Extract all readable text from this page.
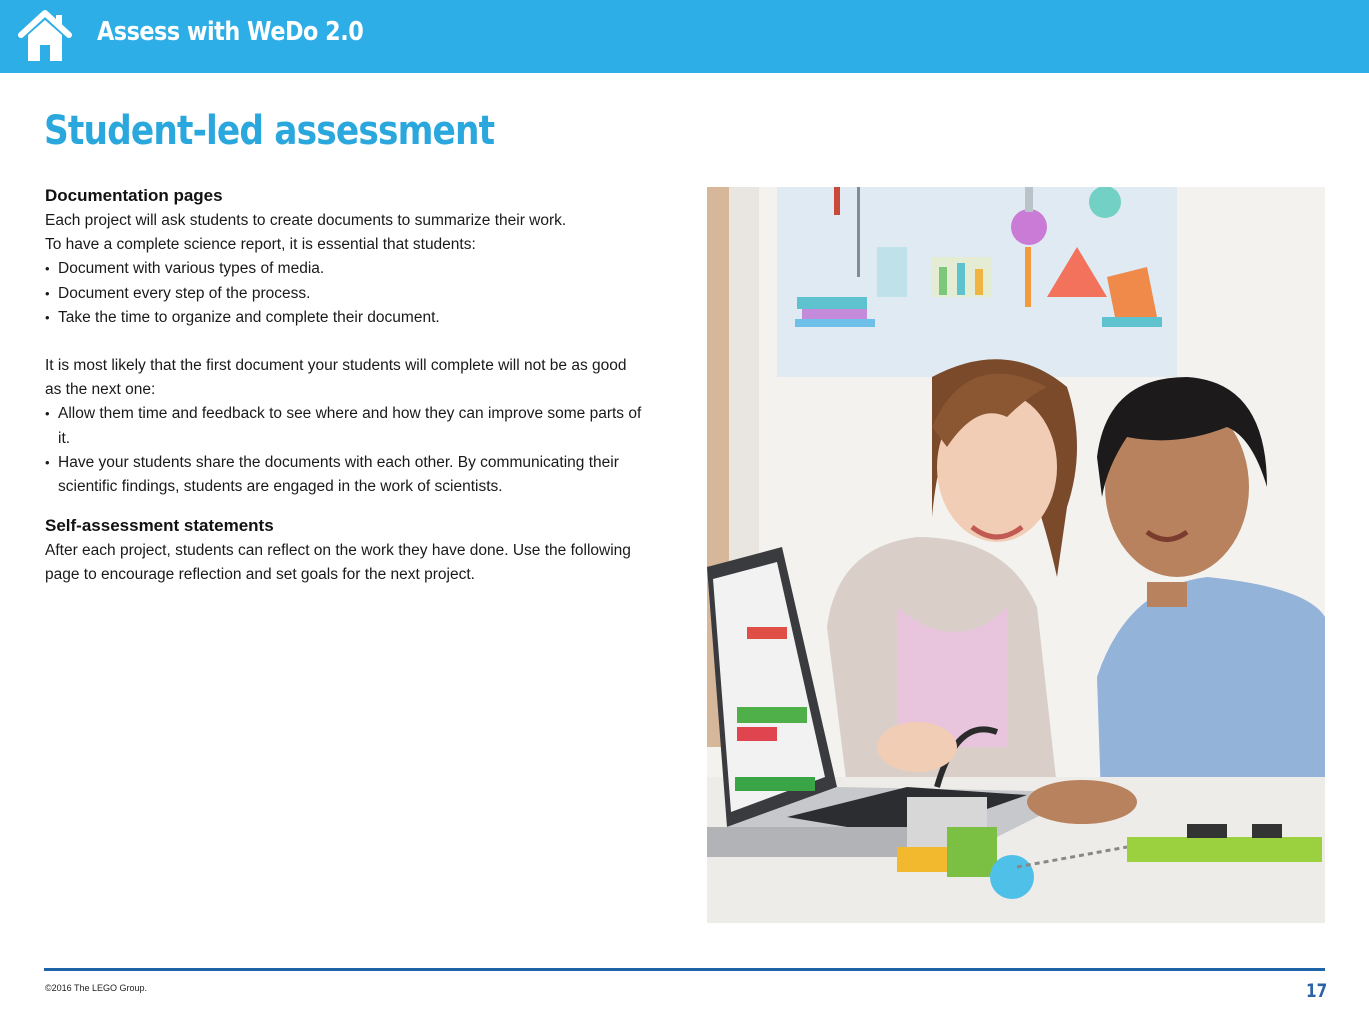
Assess with WeDo 2.0
Student-led assessment
Documentation pages

Each project will ask students to create documents to summarize their work.

To have a complete science report, it is essential that students:

• Document with various types of media.
• Document every step of the process.
• Take the time to organize and complete their document.

It is most likely that the first document your students will complete will not be as good as the next one:

• Allow them time and feedback to see where and how they can improve some parts of it.
• Have your students share the documents with each other. By communicating their scientific findings, students are engaged in the work of scientists.
Self-assessment statements

After each project, students can reflect on the work they have done. Use the following page to encourage reflection and set goals for the next project.

©2016 The LEGO Group.	17
